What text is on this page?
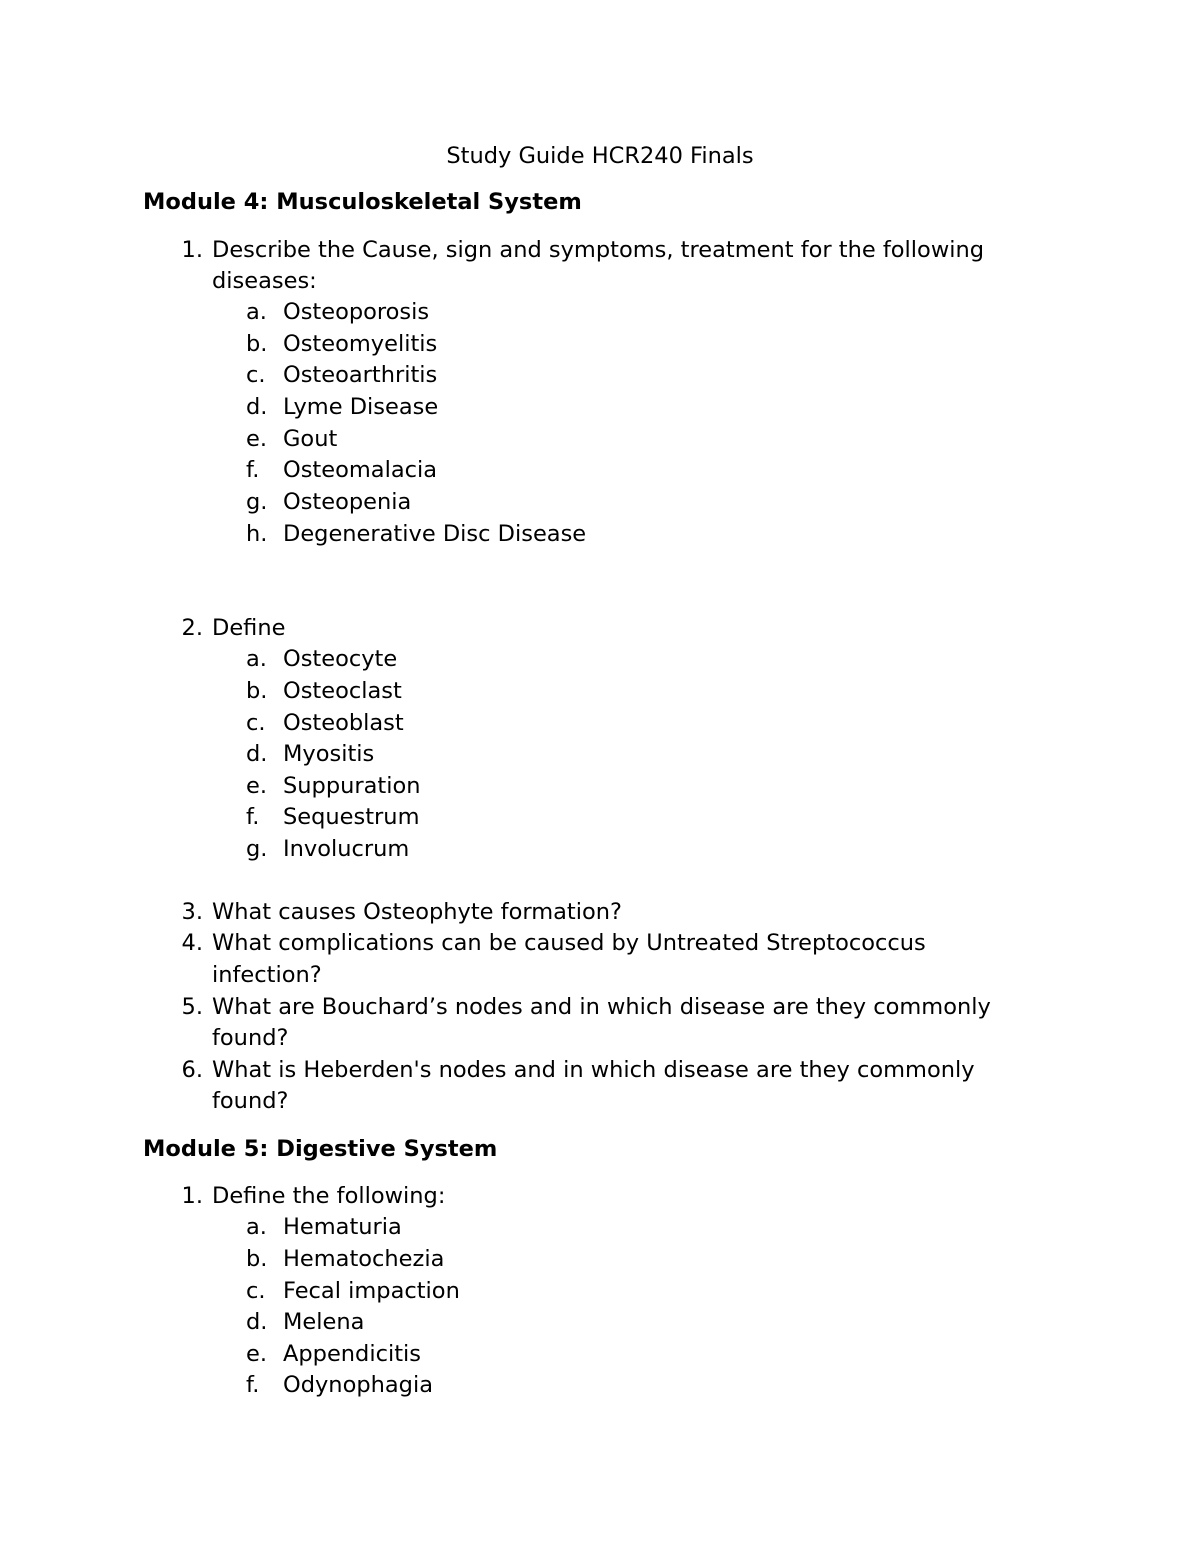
Study Guide HCR240 Finals
Module 4: Musculoskeletal System
1. Describe the Cause, sign and symptoms, treatment for the following
diseases:
a. Osteoporosis
b. Osteomyelitis
c. Osteoarthritis
d. Lyme Disease
e. Gout
f. Osteomalacia
g. Osteopenia
h. Degenerative Disc Disease
2. Define
a. Osteocyte
b. Osteoclast
c. Osteoblast
d. Myositis
e. Suppuration
f. Sequestrum
g. Involucrum
3. What causes Osteophyte formation?
4. What complications can be caused by Untreated Streptococcus
infection?
5. What are Bouchard’s nodes and in which disease are they commonly
found?
6. What is Heberden's nodes and in which disease are they commonly
found?
Module 5: Digestive System
1. Define the following:
a. Hematuria
b. Hematochezia
c. Fecal impaction
d. Melena
e. Appendicitis
f. Odynophagia
